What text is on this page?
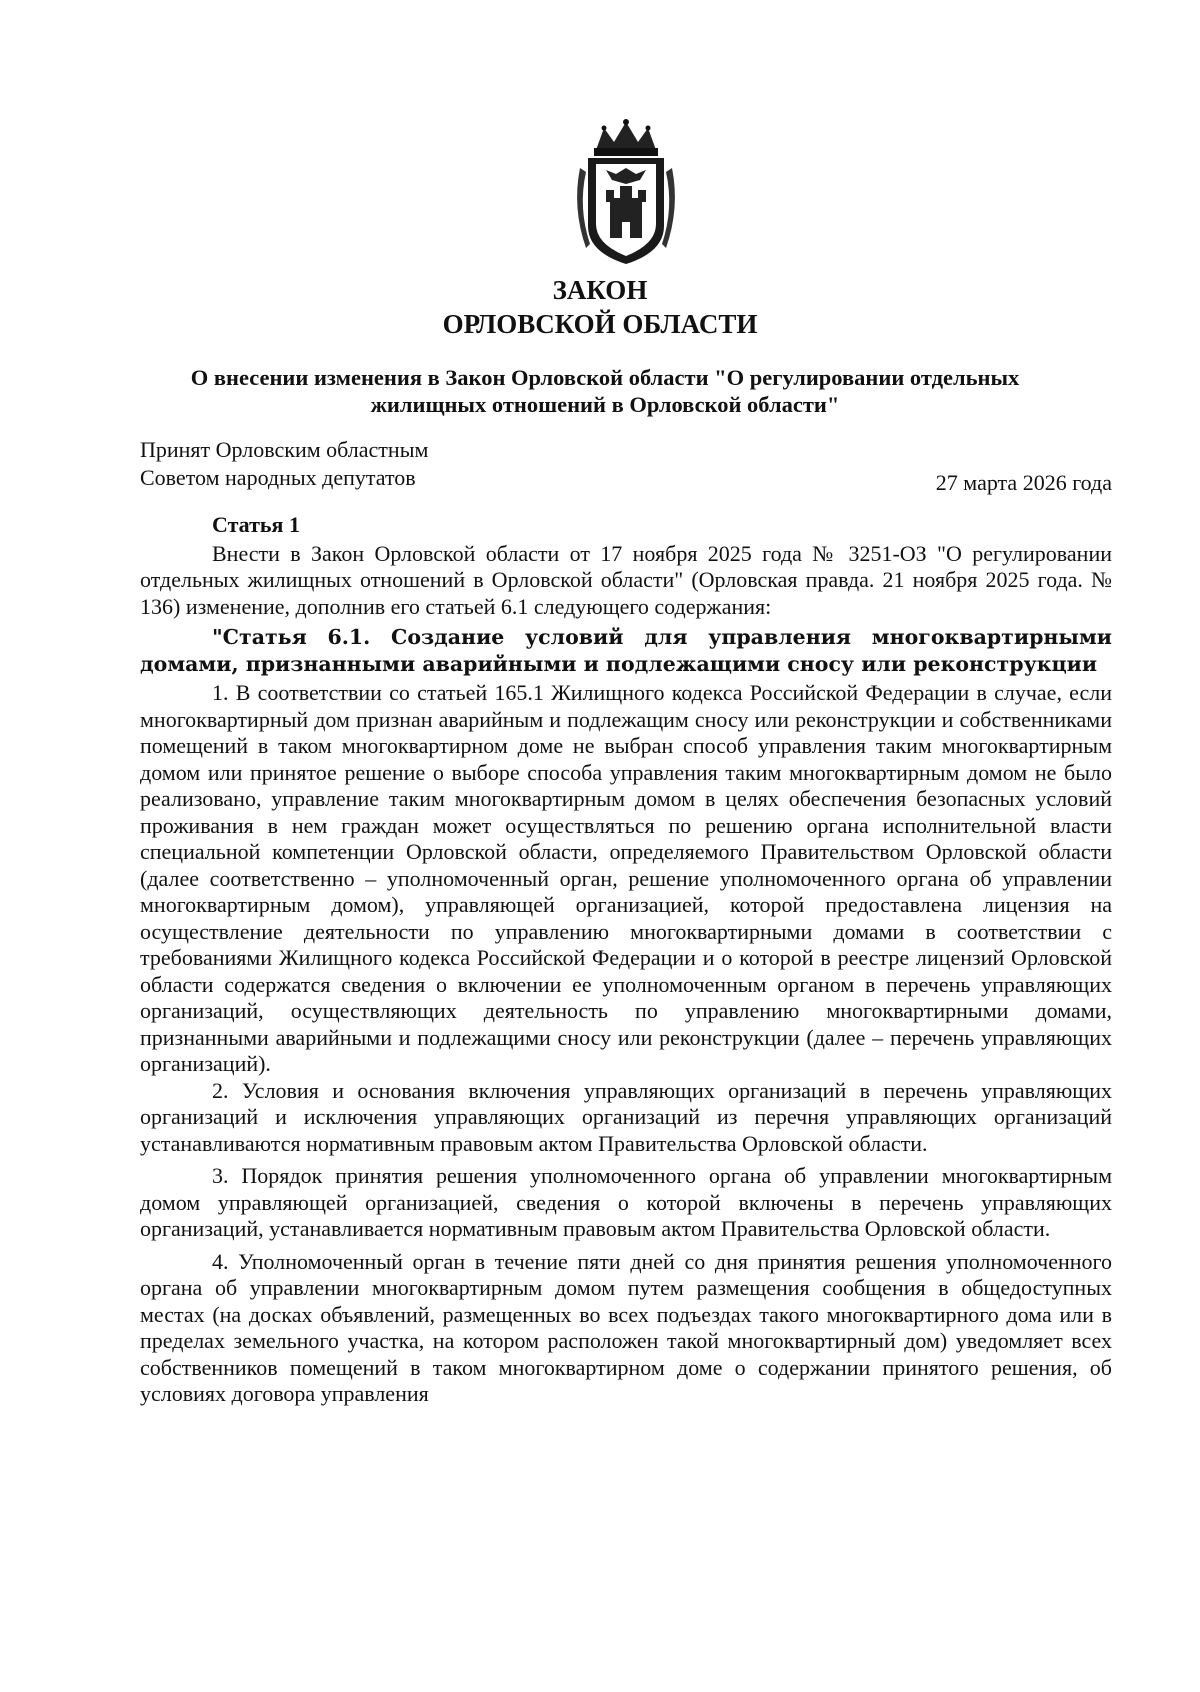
ЗАКОН
ОРЛОВСКОЙ ОБЛАСТИ
О внесении изменения в Закон Орловской области "О регулировании отдельных жилищных отношений в Орловской области"
Принят Орловским областным
Советом народных депутатов	27 марта 2026 года
Статья 1

Внести в Закон Орловской области от 17 ноября 2025 года № 3251-ОЗ "О регулировании отдельных жилищных отношений в Орловской области" (Орловская правда. 21 ноября 2025 года. № 136) изменение, дополнив его статьей 6.1 следующего содержания:

"Статья 6.1. Создание условий для управления многоквартирными домами, признанными аварийными и подлежащими сносу или реконструкции

1. В соответствии со статьей 165.1 Жилищного кодекса Российской Федерации в случае, если многоквартирный дом признан аварийным и подлежащим сносу или реконструкции и собственниками помещений в таком многоквартирном доме не выбран способ управления таким многоквартирным домом или принятое решение о выборе способа управления таким многоквартирным домом не было реализовано, управление таким многоквартирным домом в целях обеспечения безопасных условий проживания в нем граждан может осуществляться по решению органа исполнительной власти специальной компетенции Орловской области, определяемого Правительством Орловской области (далее соответственно – уполномоченный орган, решение уполномоченного органа об управлении многоквартирным домом), управляющей организацией, которой предоставлена лицензия на осуществление деятельности по управлению многоквартирными домами в соответствии с требованиями Жилищного кодекса Российской Федерации и о которой в реестре лицензий Орловской области содержатся сведения о включении ее уполномоченным органом в перечень управляющих организаций, осуществляющих деятельность по управлению многоквартирными домами, признанными аварийными и подлежащими сносу или реконструкции (далее – перечень управляющих организаций).

2. Условия и основания включения управляющих организаций в перечень управляющих организаций и исключения управляющих организаций из перечня управляющих организаций устанавливаются нормативным правовым актом Правительства Орловской области.

3. Порядок принятия решения уполномоченного органа об управлении многоквартирным домом управляющей организацией, сведения о которой включены в перечень управляющих организаций, устанавливается нормативным правовым актом Правительства Орловской области.

4. Уполномоченный орган в течение пяти дней со дня принятия решения уполномоченного органа об управлении многоквартирным домом путем размещения сообщения в общедоступных местах (на досках объявлений, размещенных во всех подъездах такого многоквартирного дома или в пределах земельного участка, на котором расположен такой многоквартирный дом) уведомляет всех собственников помещений в таком многоквартирном доме о содержании принятого решения, об условиях договора управления
